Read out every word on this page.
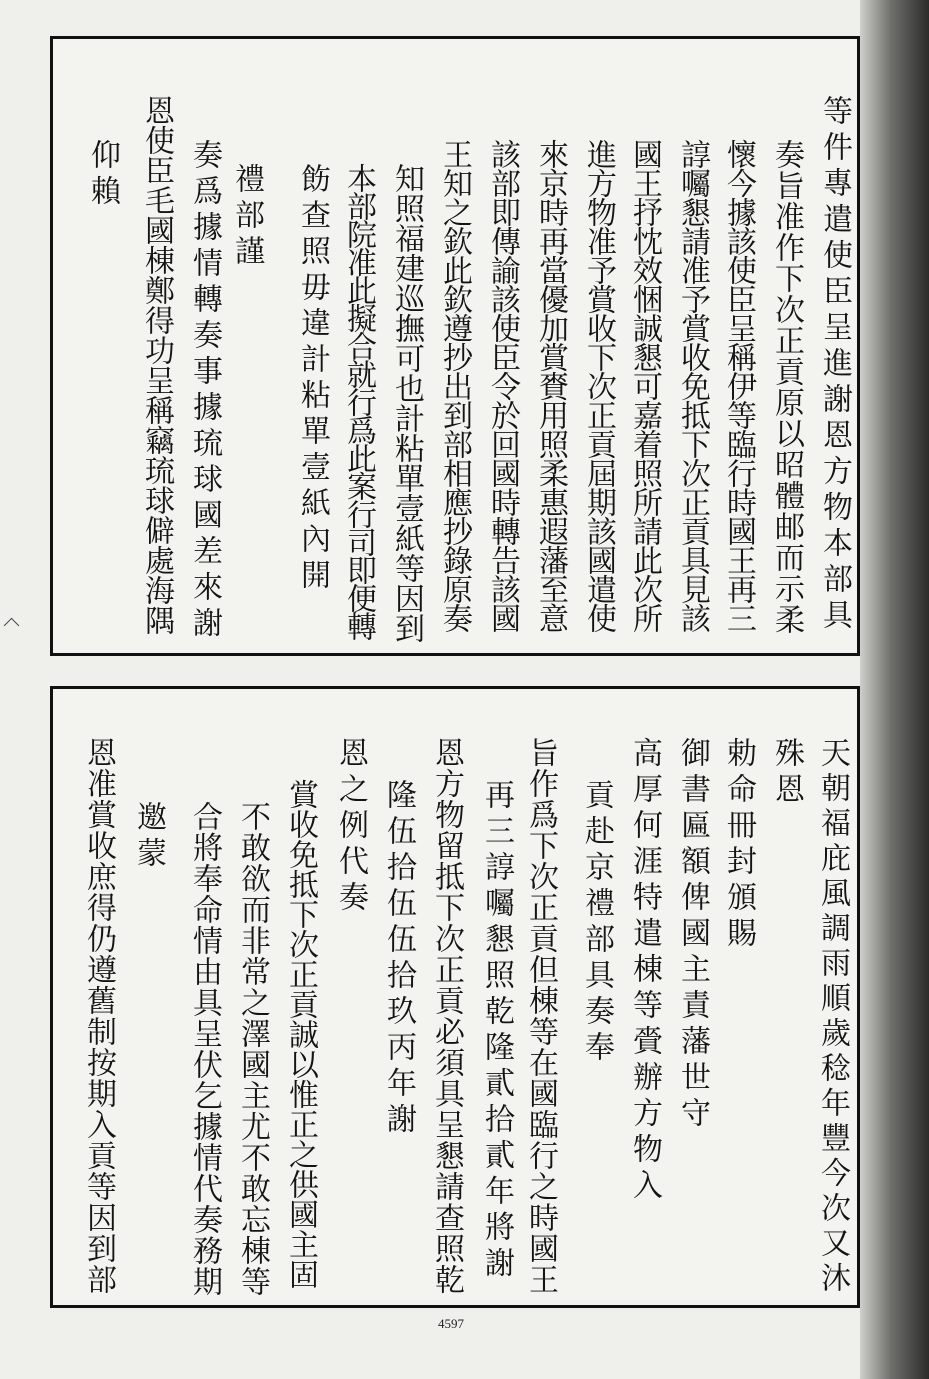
等件專遣使臣呈進謝恩方物本部具
奏旨准作下次正貢原以昭體邮而示柔
懷今據該使臣呈稱伊等臨行時國王再三
諄囑懇請准予賞收免抵下次正貢具見該
國王抒忱效悃誠懇可嘉着照所請此次所
進方物准予賞收下次正貢屆期該國遣使
來京時再當優加賞賚用照柔惠遐藩至意
該部即傳諭該使臣令於回國時轉告該國
王知之欽此欽遵抄出到部相應抄錄原奏
知照福建巡撫可也計粘單壹紙等因到
本部院准此擬合就行爲此案行司即便轉
飭查照毋違計粘單壹紙內開
禮部謹
奏爲據情轉奏事據琉球國差來謝
恩使臣毛國棟鄭得功呈稱竊琉球僻處海隅
仰賴
天朝福庇風調雨順歲稔年豐今次又沐
殊恩
勅命冊封頒賜
御書匾額俾國主責藩世守
高厚何涯特遣棟等賫辦方物入
貢赴京禮部具奏奉
旨作爲下次正貢但棟等在國臨行之時國王
再三諄囑懇照乾隆貳拾貳年將謝
恩方物留抵下次正貢必須具呈懇請查照乾
隆伍拾伍伍拾玖丙年謝
恩之例代奏
賞收免抵下次正貢誠以惟正之供國主固
不敢欲而非常之澤國主尤不敢忘棟等
合將奉命情由具呈伏乞據情代奏務期
邀蒙
恩准賞收庶得仍遵舊制按期入貢等因到部
4597
